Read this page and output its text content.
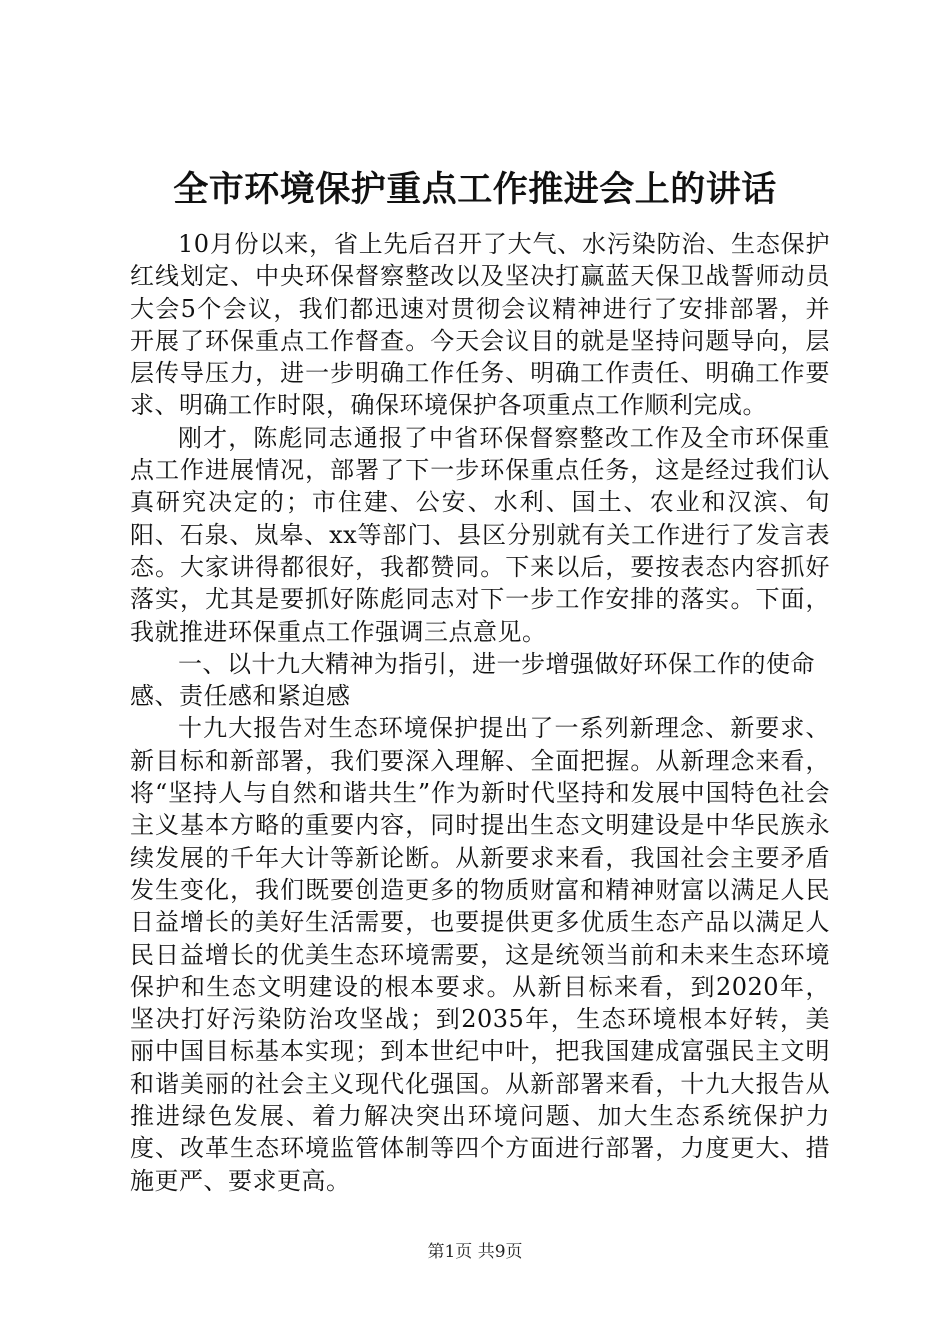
全市环境保护重点工作推进会上的讲话

10月份以来，省上先后召开了大气、水污染防治、生态保护红线划定、中央环保督察整改以及坚决打赢蓝天保卫战誓师动员大会5个会议，我们都迅速对贯彻会议精神进行了安排部署，并开展了环保重点工作督查。今天会议目的就是坚持问题导向，层层传导压力，进一步明确工作任务、明确工作责任、明确工作要求、明确工作时限，确保环境保护各项重点工作顺利完成。

刚才，陈彪同志通报了中省环保督察整改工作及全市环保重点工作进展情况，部署了下一步环保重点任务，这是经过我们认真研究决定的；市住建、公安、水利、国土、农业和汉滨、旬阳、石泉、岚皋、xx等部门、县区分别就有关工作进行了发言表态。大家讲得都很好，我都赞同。下来以后，要按表态内容抓好落实，尤其是要抓好陈彪同志对下一步工作安排的落实。下面，我就推进环保重点工作强调三点意见。

一、以十九大精神为指引，进一步增强做好环保工作的使命感、责任感和紧迫感

十九大报告对生态环境保护提出了一系列新理念、新要求、新目标和新部署，我们要深入理解、全面把握。从新理念来看，将“坚持人与自然和谐共生”作为新时代坚持和发展中国特色社会主义基本方略的重要内容，同时提出生态文明建设是中华民族永续发展的千年大计等新论断。从新要求来看，我国社会主要矛盾发生变化，我们既要创造更多的物质财富和精神财富以满足人民日益增长的美好生活需要，也要提供更多优质生态产品以满足人民日益增长的优美生态环境需要，这是统领当前和未来生态环境保护和生态文明建设的根本要求。从新目标来看，到2020年，坚决打好污染防治攻坚战；到2035年，生态环境根本好转，美丽中国目标基本实现；到本世纪中叶，把我国建成富强民主文明和谐美丽的社会主义现代化强国。从新部署来看，十九大报告从推进绿色发展、着力解决突出环境问题、加大生态系统保护力度、改革生态环境监管体制等四个方面进行部署，力度更大、措施更严、要求更高。

第1页 共9页
